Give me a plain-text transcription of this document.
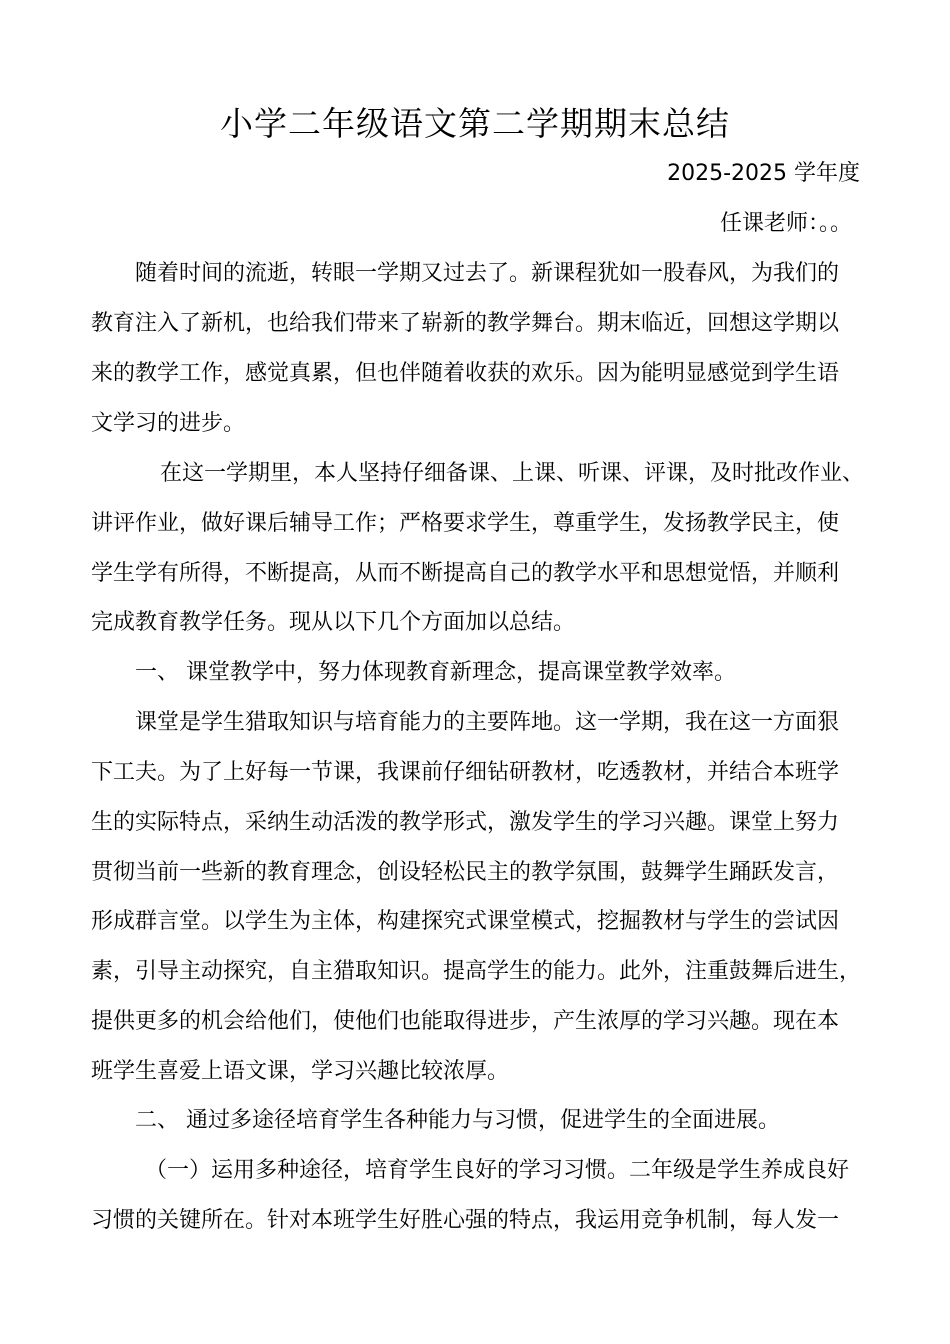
小学二年级语文第二学期期末总结
2025-2025 学年度
任课老师：。。
随着时间的流逝，转眼一学期又过去了。新课程犹如一股春风，为我们的
教育注入了新机，也给我们带来了崭新的教学舞台。期末临近，回想这学期以
来的教学工作，感觉真累，但也伴随着收获的欢乐。因为能明显感觉到学生语
文学习的进步。
在这一学期里，本人坚持仔细备课、上课、听课、评课，及时批改作业、
讲评作业，做好课后辅导工作；严格要求学生，尊重学生，发扬教学民主，使
学生学有所得，不断提高，从而不断提高自己的教学水平和思想觉悟，并顺利
完成教育教学任务。现从以下几个方面加以总结。
一、 课堂教学中，努力体现教育新理念，提高课堂教学效率。
课堂是学生猎取知识与培育能力的主要阵地。这一学期，我在这一方面狠
下工夫。为了上好每一节课，我课前仔细钻研教材，吃透教材，并结合本班学
生的实际特点，采纳生动活泼的教学形式，激发学生的学习兴趣。课堂上努力
贯彻当前一些新的教育理念，创设轻松民主的教学氛围，鼓舞学生踊跃发言，
形成群言堂。以学生为主体，构建探究式课堂模式，挖掘教材与学生的尝试因
素，引导主动探究，自主猎取知识。提高学生的能力。此外，注重鼓舞后进生，
提供更多的机会给他们，使他们也能取得进步，产生浓厚的学习兴趣。现在本
班学生喜爱上语文课，学习兴趣比较浓厚。
二、 通过多途径培育学生各种能力与习惯，促进学生的全面进展。
（一）运用多种途径，培育学生良好的学习习惯。二年级是学生养成良好
习惯的关键所在。针对本班学生好胜心强的特点，我运用竞争机制，每人发一
